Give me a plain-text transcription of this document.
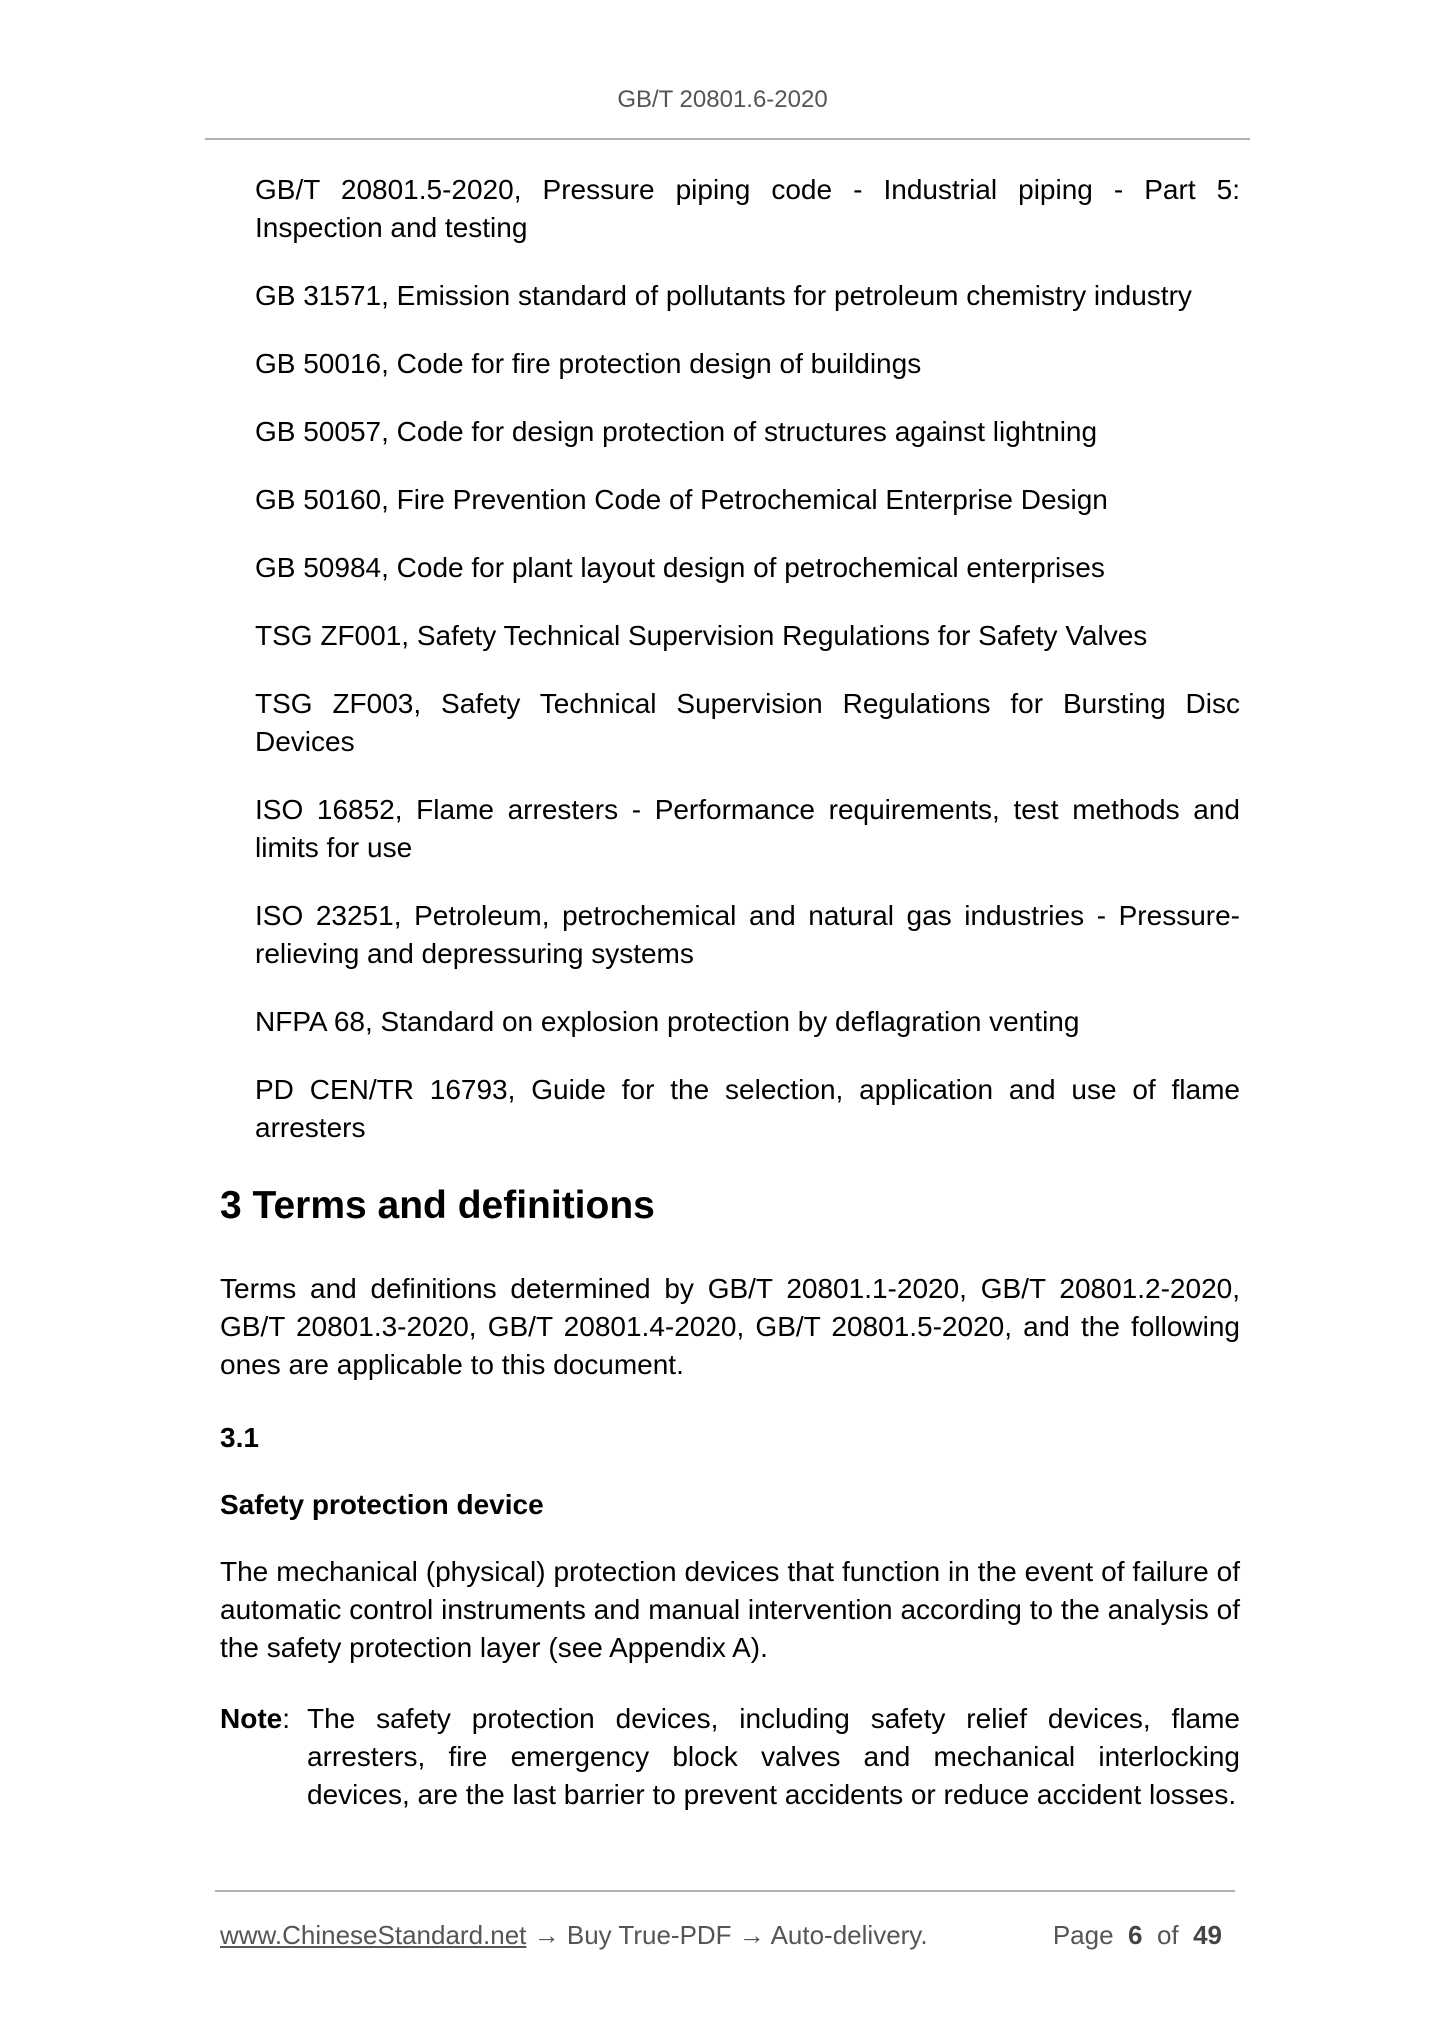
GB/T 20801.6-2020

GB/T 20801.5-2020, Pressure piping code - Industrial piping - Part 5: Inspection and testing

GB 31571, Emission standard of pollutants for petroleum chemistry industry

GB 50016, Code for fire protection design of buildings

GB 50057, Code for design protection of structures against lightning

GB 50160, Fire Prevention Code of Petrochemical Enterprise Design

GB 50984, Code for plant layout design of petrochemical enterprises

TSG ZF001, Safety Technical Supervision Regulations for Safety Valves

TSG ZF003, Safety Technical Supervision Regulations for Bursting Disc Devices

ISO 16852, Flame arresters - Performance requirements, test methods and limits for use

ISO 23251, Petroleum, petrochemical and natural gas industries - Pressure-relieving and depressuring systems

NFPA 68, Standard on explosion protection by deflagration venting

PD CEN/TR 16793, Guide for the selection, application and use of flame arresters

3 Terms and definitions

Terms and definitions determined by GB/T 20801.1-2020, GB/T 20801.2-2020, GB/T 20801.3-2020, GB/T 20801.4-2020, GB/T 20801.5-2020, and the following ones are applicable to this document.

3.1
Safety protection device

The mechanical (physical) protection devices that function in the event of failure of automatic control instruments and manual intervention according to the analysis of the safety protection layer (see Appendix A).

Note: The safety protection devices, including safety relief devices, flame arresters, fire emergency block valves and mechanical interlocking devices, are the last barrier to prevent accidents or reduce accident losses.
www.ChineseStandard.net → Buy True-PDF → Auto-delivery.	Page 6 of 49
